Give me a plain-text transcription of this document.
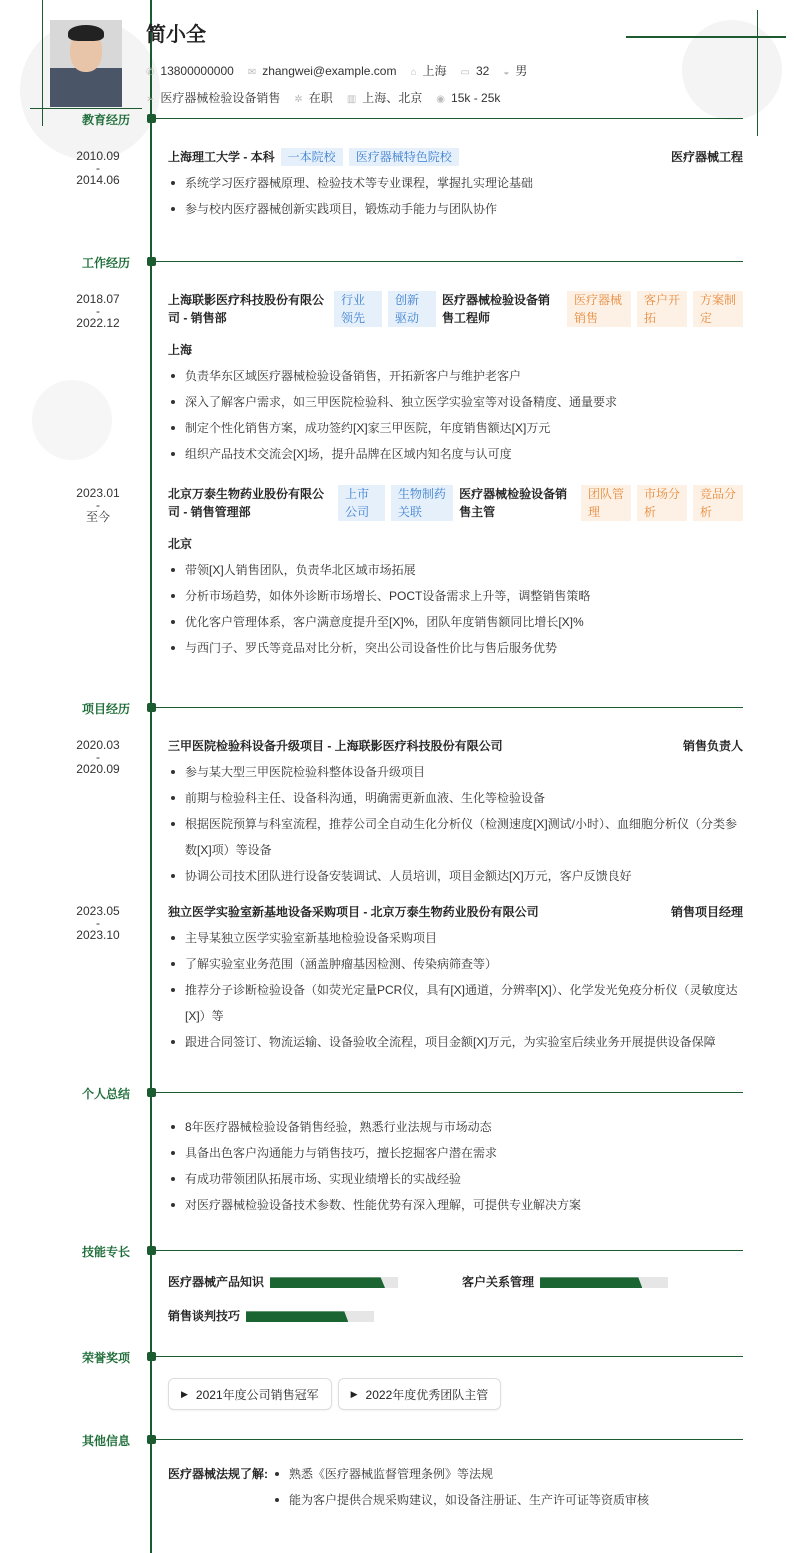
简小全
✆ 13800000000 ✉ zhangwei@example.com ⌂ 上海 ▭ 32 ◒ 男
➢ 医疗器械检验设备销售 ✲ 在职 ▥ 上海、北京 ◉ 15k - 25k
教育经历
2010.09
-
2014.06
上海理工大学 - 本科	一本院校	医疗器械特色院校	医疗器械工程
系统学习医疗器械原理、检验技术等专业课程，掌握扎实理论基础
参与校内医疗器械创新实践项目，锻炼动手能力与团队协作
工作经历
2018.07
-
2022.12
上海联影医疗科技股份有限公司 - 销售部
行业领先
创新驱动
医疗器械检验设备销售工程师
医疗器械销售
客户开拓
方案制定
上海
负责华东区域医疗器械检验设备销售，开拓新客户与维护老客户
深入了解客户需求，如三甲医院检验科、独立医学实验室等对设备精度、通量要求
制定个性化销售方案，成功签约[X]家三甲医院，年度销售额达[X]万元
组织产品技术交流会[X]场，提升品牌在区域内知名度与认可度
2023.01
-
至今
北京万泰生物药业股份有限公司 - 销售管理部
上市公司
生物制药关联
医疗器械检验设备销售主管
团队管理
市场分析
竞品分析
北京
带领[X]人销售团队，负责华北区域市场拓展
分析市场趋势，如体外诊断市场增长、POCT设备需求上升等，调整销售策略
优化客户管理体系，客户满意度提升至[X]%，团队年度销售额同比增长[X]%
与西门子、罗氏等竞品对比分析，突出公司设备性价比与售后服务优势
项目经历
2020.03
-
2020.09
三甲医院检验科设备升级项目 - 上海联影医疗科技股份有限公司	销售负责人
参与某大型三甲医院检验科整体设备升级项目
前期与检验科主任、设备科沟通，明确需更新血液、生化等检验设备
根据医院预算与科室流程，推荐公司全自动生化分析仪（检测速度[X]测试/小时）、血细胞分析仪（分类参数[X]项）等设备
协调公司技术团队进行设备安装调试、人员培训，项目金额达[X]万元，客户反馈良好
2023.05
-
2023.10
独立医学实验室新基地设备采购项目 - 北京万泰生物药业股份有限公司	销售项目经理
主导某独立医学实验室新基地检验设备采购项目
了解实验室业务范围（涵盖肿瘤基因检测、传染病筛查等）
推荐分子诊断检验设备（如荧光定量PCR仪，具有[X]通道，分辨率[X]）、化学发光免疫分析仪（灵敏度达[X]）等
跟进合同签订、物流运输、设备验收全流程，项目金额[X]万元，为实验室后续业务开展提供设备保障
个人总结
8年医疗器械检验设备销售经验，熟悉行业法规与市场动态
具备出色客户沟通能力与销售技巧，擅长挖掘客户潜在需求
有成功带领团队拓展市场、实现业绩增长的实战经验
对医疗器械检验设备技术参数、性能优势有深入理解，可提供专业解决方案
技能专长
医疗器械产品知识	客户关系管理
销售谈判技巧
荣誉奖项
▶ 2021年度公司销售冠军	▶ 2022年度优秀团队主管
其他信息
医疗器械法规了解:	熟悉《医疗器械监督管理条例》等法规
能为客户提供合规采购建议，如设备注册证、生产许可证等资质审核
